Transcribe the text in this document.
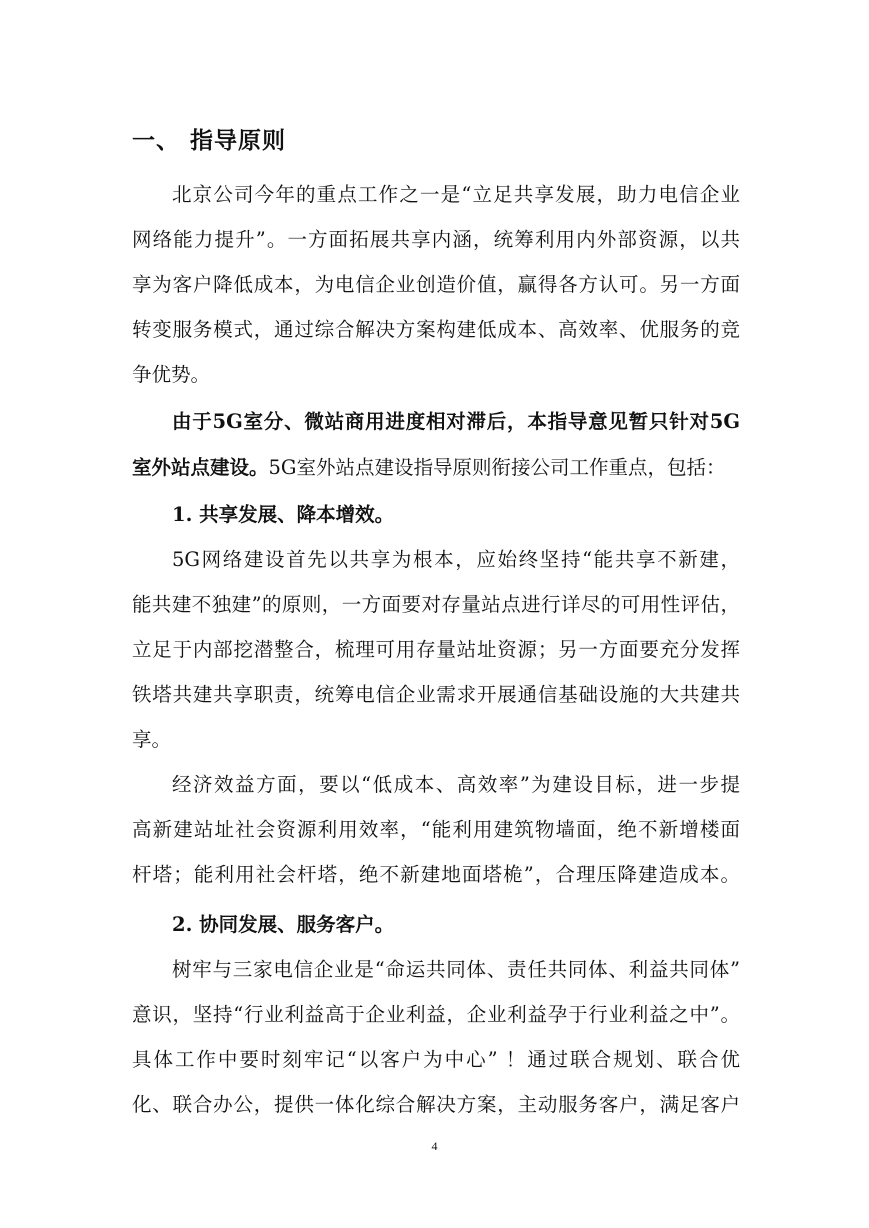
一、 指导原则
北京公司今年的重点工作之一是“立足共享发展，助力电信企业
网络能力提升”。一方面拓展共享内涵，统筹利用内外部资源，以共
享为客户降低成本，为电信企业创造价值，赢得各方认可。另一方面
转变服务模式，通过综合解决方案构建低成本、高效率、优服务的竞
争优势。
由于5G室分、微站商用进度相对滞后，本指导意见暂只针对5G
室外站点建设。5G室外站点建设指导原则衔接公司工作重点，包括：
1. 共享发展、降本增效。
5G网络建设首先以共享为根本，应始终坚持“能共享不新建，
能共建不独建”的原则，一方面要对存量站点进行详尽的可用性评估，
立足于内部挖潜整合，梳理可用存量站址资源；另一方面要充分发挥
铁塔共建共享职责，统筹电信企业需求开展通信基础设施的大共建共
享。
经济效益方面，要以“低成本、高效率”为建设目标，进一步提
高新建站址社会资源利用效率，“能利用建筑物墙面，绝不新增楼面
杆塔；能利用社会杆塔，绝不新建地面塔桅”，合理压降建造成本。
2. 协同发展、服务客户。
树牢与三家电信企业是“命运共同体、责任共同体、利益共同体”
意识，坚持“行业利益高于企业利益，企业利益孕于行业利益之中”。
具体工作中要时刻牢记“以客户为中心” ！通过联合规划、联合优
化、联合办公，提供一体化综合解决方案，主动服务客户，满足客户
4
